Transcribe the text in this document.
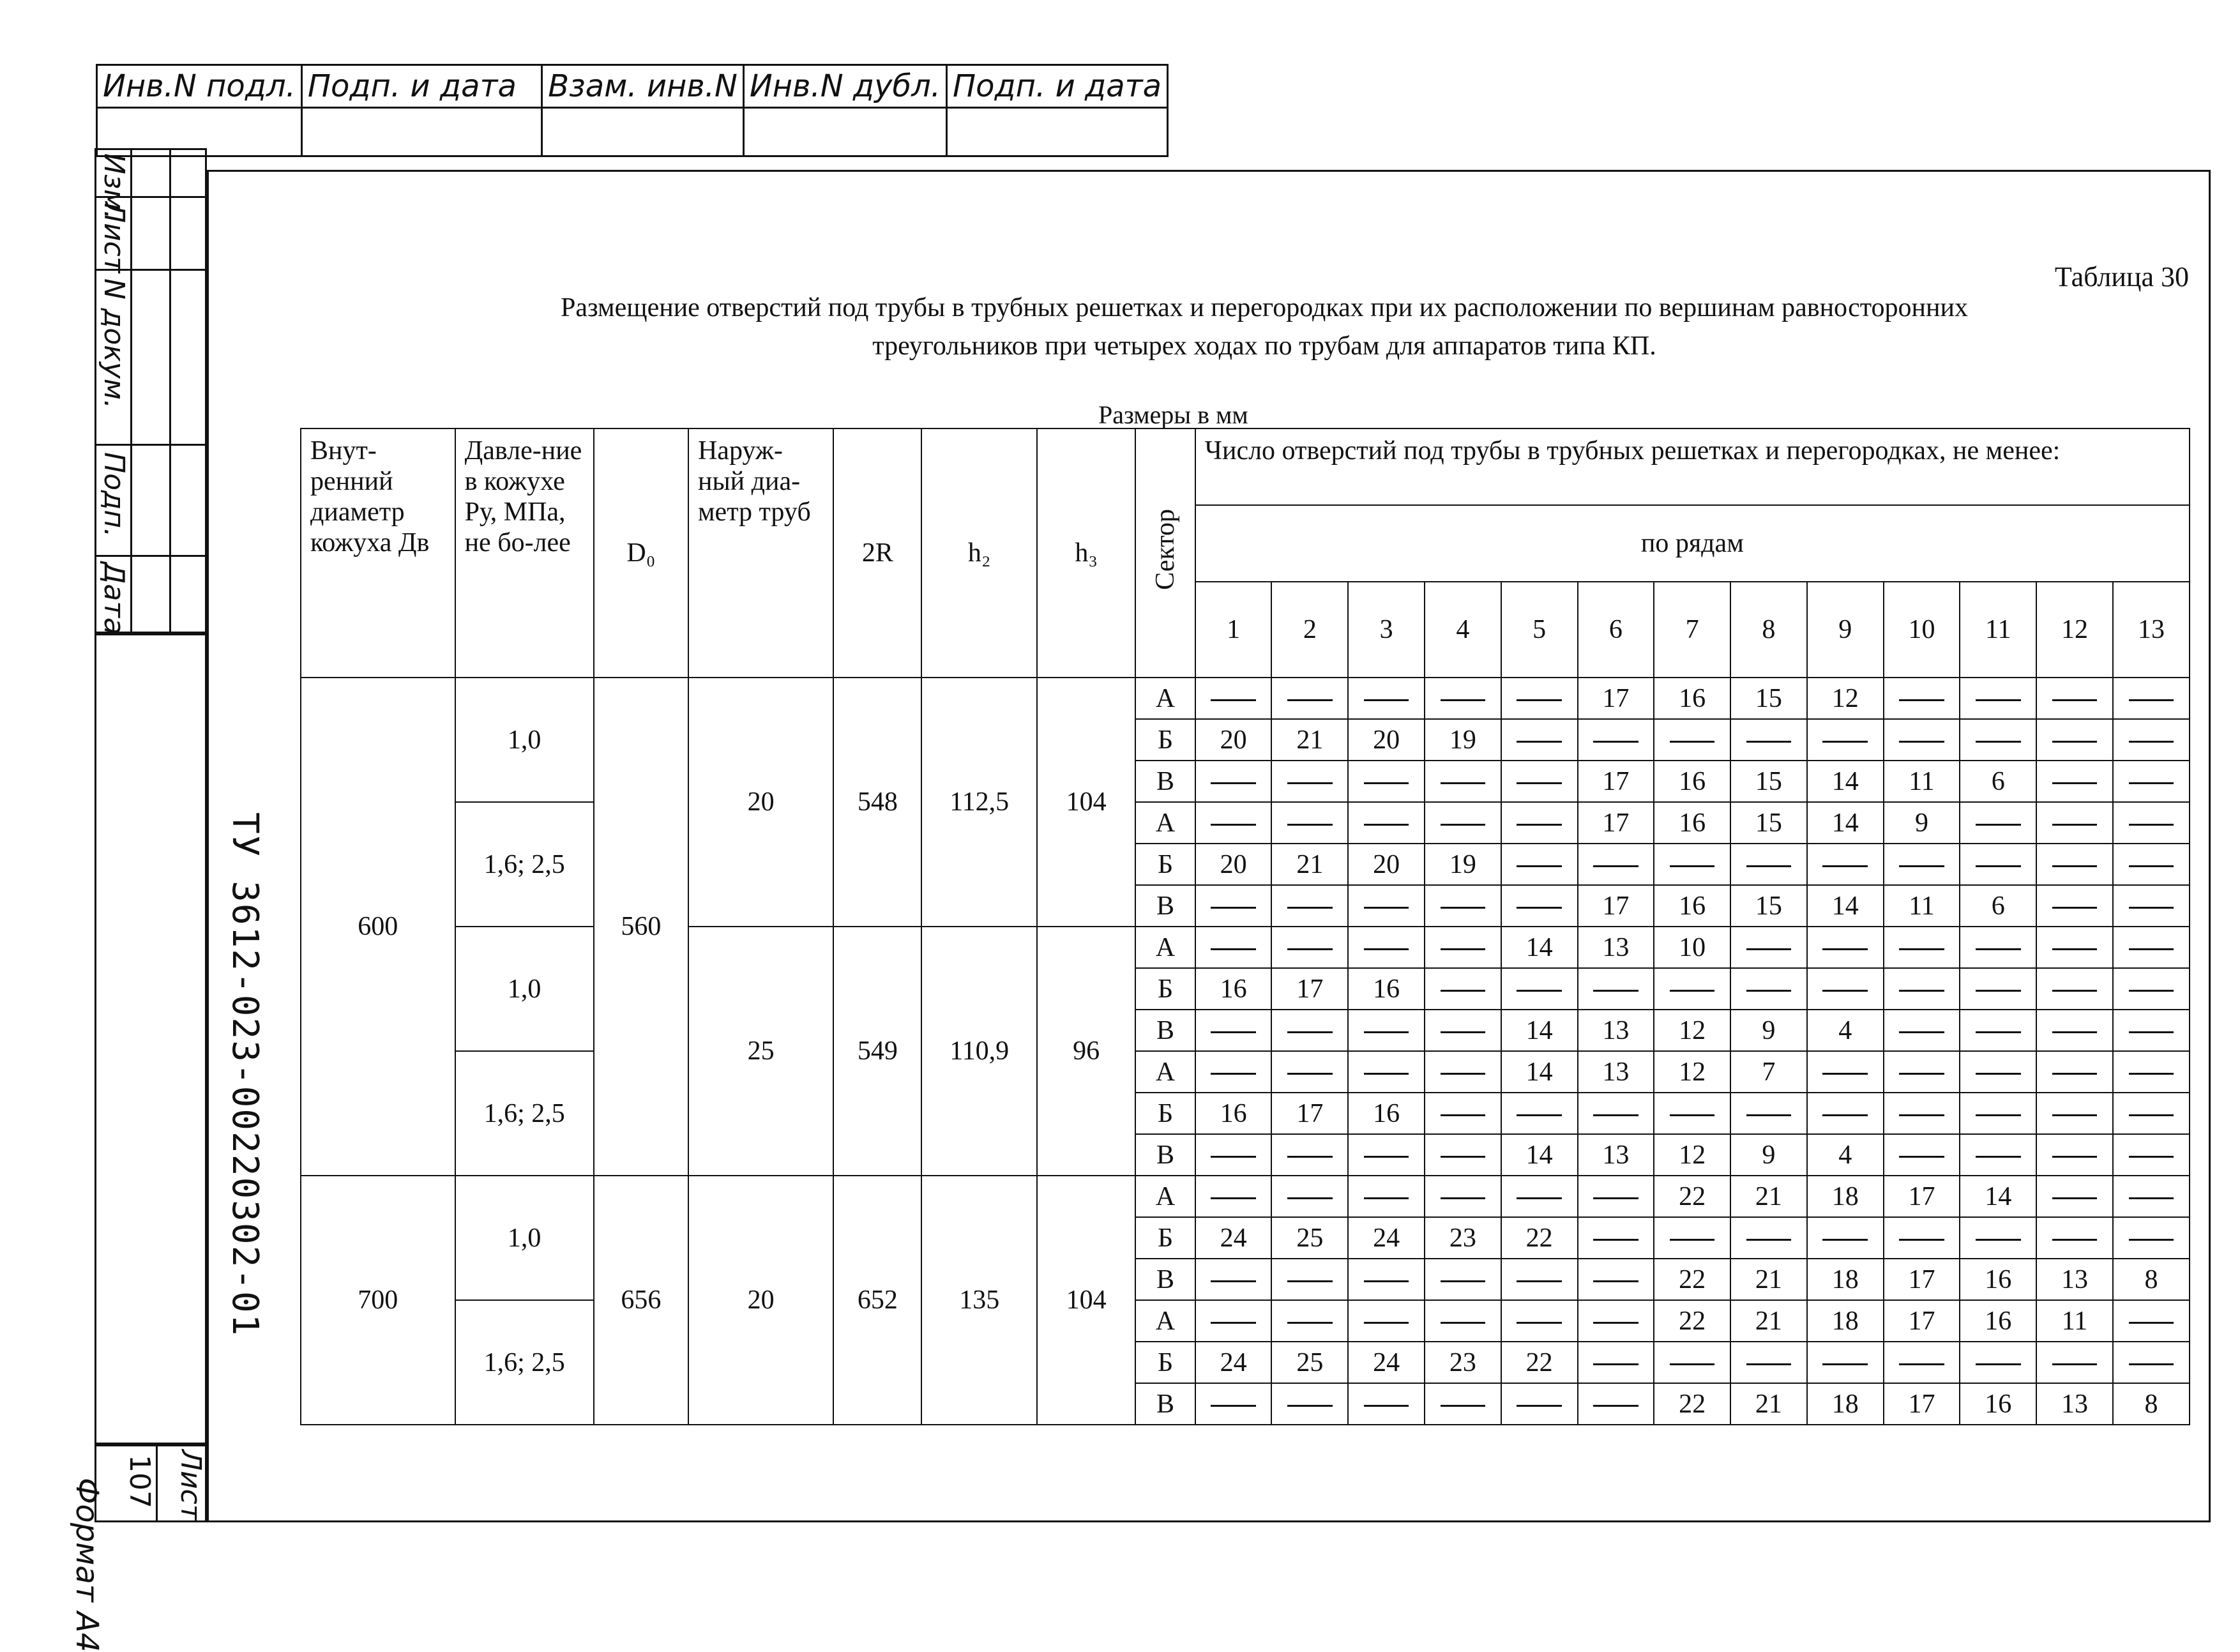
Инв.N подл.	Подп. и дата	Взам. инв.N	Инв.N дубл.	Подп. и дата

Изм.
Лист
N докум.
Подп.
Дата
ТУ 3612-023-00220302-01
Лист
107
Формат А4
Таблица 30
Размещение отверстий под трубы в трубных решетках и перегородках при их расположении по вершинам равносторонних
треугольников при четырех ходах по трубам для аппаратов типа КП.
Размеры в мм
Внут-ренний диаметр кожуха Дв	Давле-ние в кожухе Ру, МПа, не бо-лее	D₀	Наруж-ный диа-метр труб	2R	h₂	h₃	Сектор	Число отверстий под трубы в трубных решетках и перегородках, не менее:												
								по рядам												
								1	2	3	4	5	6	7	8	9	10	11	12	13
600	1,0	560	20	548	112,5	104	А						17	16	15	12				
							Б	20	21	20	19									
							В						17	16	15	14	11	6		
	1,6; 2,5						А						17	16	15	14	9			
							Б	20	21	20	19									
							В						17	16	15	14	11	6		
	1,0		25	549	110,9	96	А					14	13	10						
							Б	16	17	16										
							В					14	13	12	9	4				
	1,6; 2,5						А					14	13	12	7					
							Б	16	17	16										
							В					14	13	12	9	4				
700	1,0	656	20	652	135	104	А							22	21	18	17	14		
							Б	24	25	24	23	22								
							В							22	21	18	17	16	13	8
	1,6; 2,5						А							22	21	18	17	16	11	
							Б	24	25	24	23	22								
							В							22	21	18	17	16	13	8
